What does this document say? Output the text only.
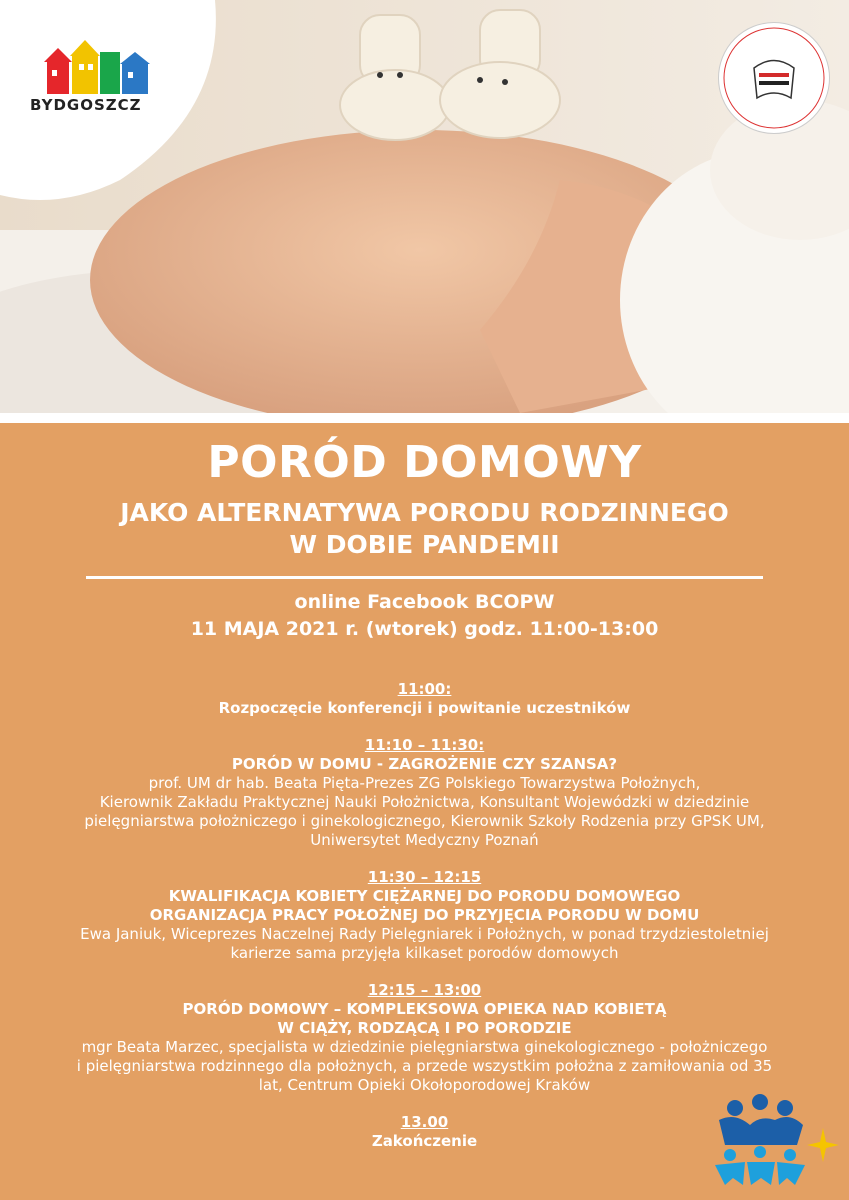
BYDGOSZCZ
PORÓD DOMOWY
JAKO ALTERNATYWA PORODU RODZINNEGO
W DOBIE PANDEMII
online Facebook BCOPW
11 MAJA 2021 r. (wtorek) godz. 11:00-13:00
11:00:
Rozpoczęcie konferencji i powitanie uczestników
11:10 – 11:30:
PORÓD W DOMU - ZAGROŻENIE CZY SZANSA?
prof. UM dr hab. Beata Pięta-Prezes ZG Polskiego Towarzystwa Położnych,
Kierownik Zakładu Praktycznej Nauki Położnictwa, Konsultant Wojewódzki w dziedzinie
pielęgniarstwa położniczego i ginekologicznego, Kierownik Szkoły Rodzenia przy GPSK UM,
Uniwersytet Medyczny Poznań
11:30 – 12:15
KWALIFIKACJA KOBIETY CIĘŻARNEJ DO PORODU DOMOWEGO
ORGANIZACJA PRACY POŁOŻNEJ DO PRZYJĘCIA PORODU W DOMU
Ewa Janiuk, Wiceprezes Naczelnej Rady Pielęgniarek i Położnych, w ponad trzydziestoletniej
karierze sama przyjęła kilkaset porodów domowych
12:15 – 13:00
PORÓD DOMOWY – KOMPLEKSOWA OPIEKA NAD KOBIETĄ
W CIĄŻY, RODZĄCĄ I PO PORODZIE
mgr Beata Marzec, specjalista w dziedzinie pielęgniarstwa ginekologicznego - położniczego
i pielęgniarstwa rodzinnego dla położnych, a przede wszystkim położna z zamiłowania od 35
lat, Centrum Opieki Okołoporodowej Kraków
13.00
Zakończenie
